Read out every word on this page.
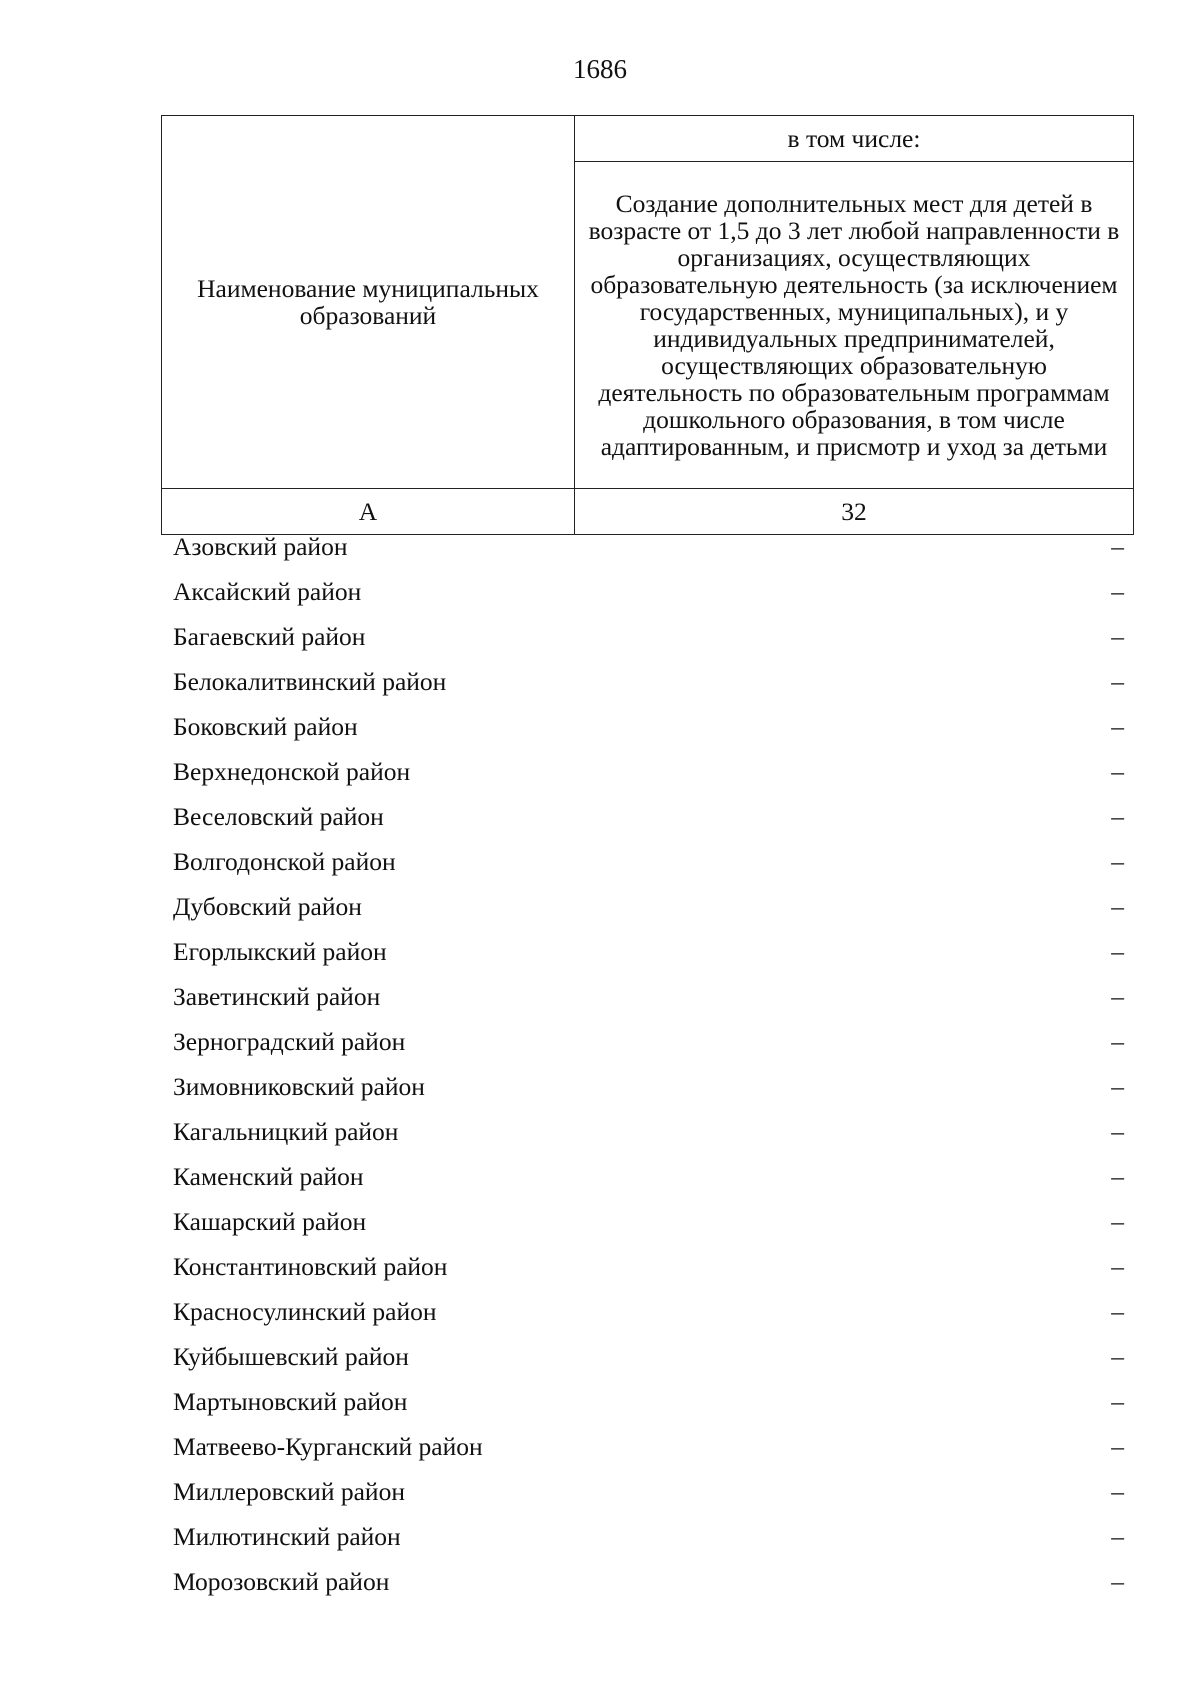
1686
Наименование муниципальных образований	в том числе:
	Создание дополнительных мест для детей в возрасте от 1,5 до 3 лет любой направленности в организациях, осуществляющих образовательную деятельность (за исключением государственных, муниципальных), и у индивидуальных предпринимателей, осуществляющих образовательную деятельность по образовательным программам дошкольного образования, в том числе адаптированным, и присмотр и уход за детьми
А	32
Азовский район	–
Аксайский район	–
Багаевский район	–
Белокалитвинский район	–
Боковский район	–
Верхнедонской район	–
Веселовский район	–
Волгодонской район	–
Дубовский район	–
Егорлыкский район	–
Заветинский район	–
Зерноградский район	–
Зимовниковский район	–
Кагальницкий район	–
Каменский район	–
Кашарский район	–
Константиновский район	–
Красносулинский район	–
Куйбышевский район	–
Мартыновский район	–
Матвеево-Курганский район	–
Миллеровский район	–
Милютинский район	–
Морозовский район	–
